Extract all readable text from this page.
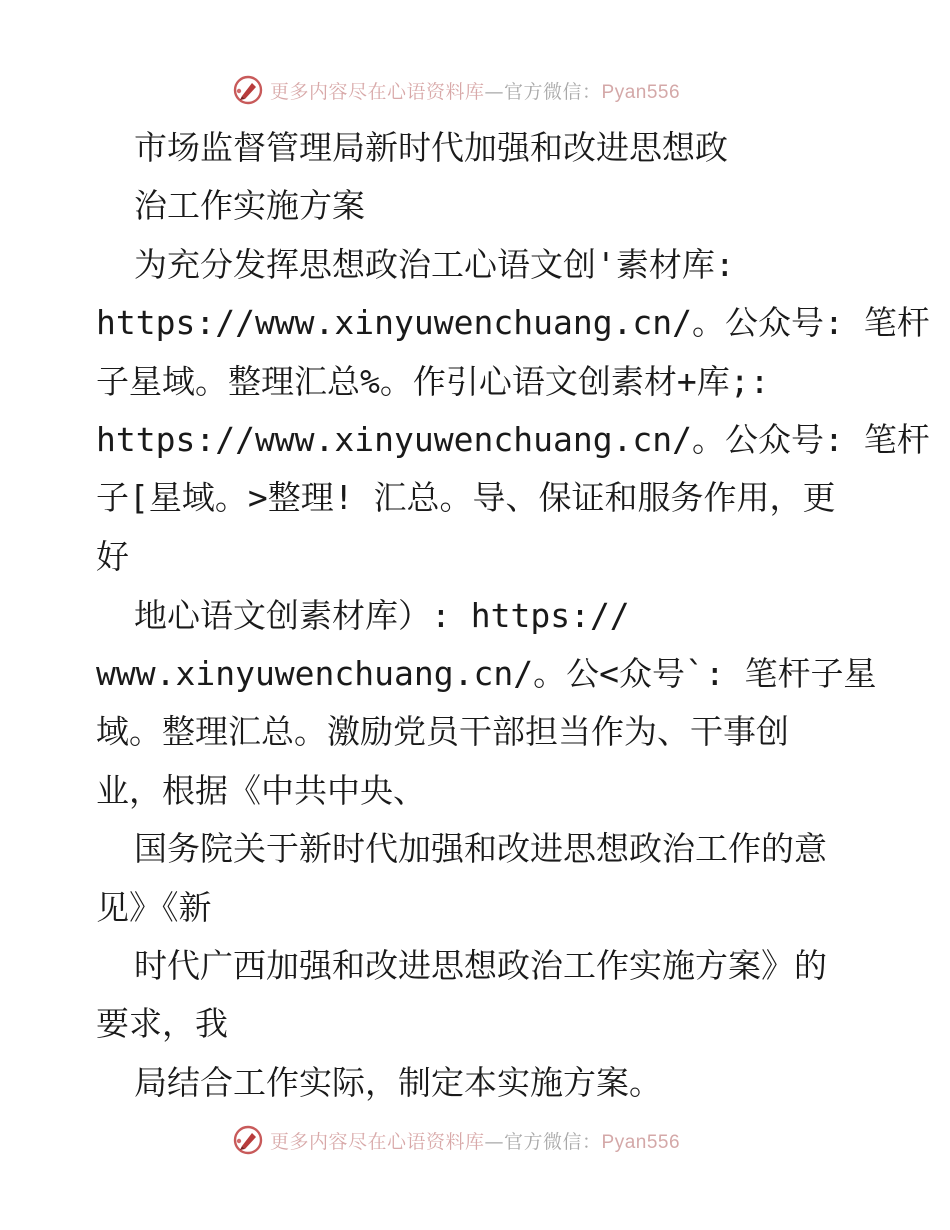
更多内容尽在心语资料库—官方微信：Pyan556
市场监督管理局新时代加强和改进思想政
治工作实施方案
为充分发挥思想政治工心语文创'素材库:
https://www.xinyuwenchuang.cn/。公众号: 笔杆
子星域。整理汇总%。作引心语文创素材+库;:
https://www.xinyuwenchuang.cn/。公众号: 笔杆
子[星域。>整理! 汇总。导、保证和服务作用，更
好
地心语文创素材库）: https://
www.xinyuwenchuang.cn/。公<众号`: 笔杆子星
域。整理汇总。激励党员干部担当作为、干事创
业，根据《中共中央、
国务院关于新时代加强和改进思想政治工作的意
见》《新
时代广西加强和改进思想政治工作实施方案》的
要求，我
局结合工作实际，制定本实施方案。
更多内容尽在心语资料库—官方微信：Pyan556
